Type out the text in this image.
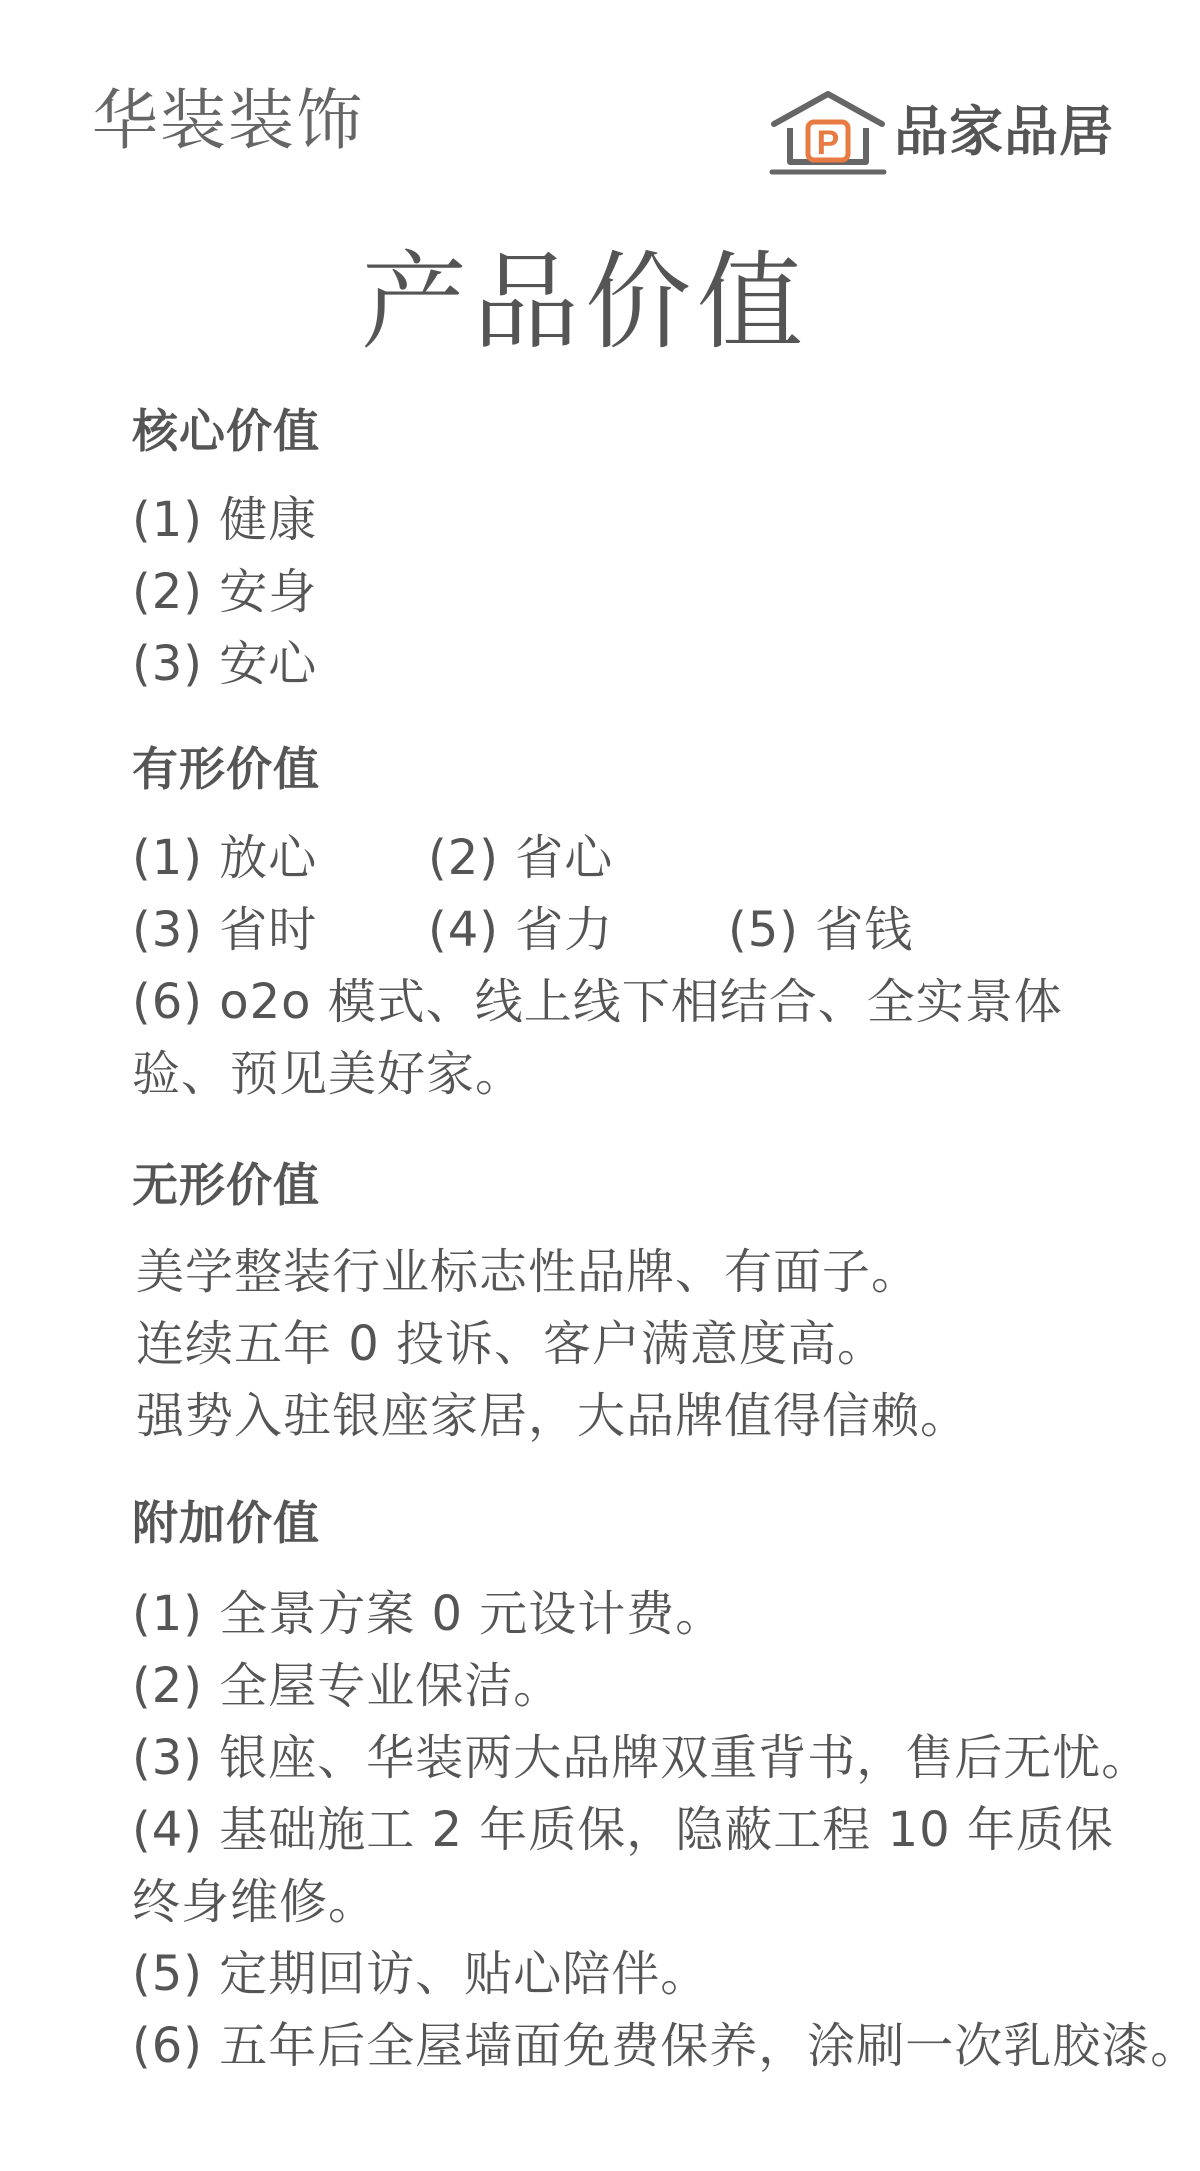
华装装饰	P 品家品居
产品价值
核心价值
(1) 健康
(2) 安身
(3) 安心
有形价值
(1) 放心 (2) 省心
(3) 省时 (4) 省力 (5) 省钱
(6) o2o 模式、线上线下相结合、全实景体
验、预见美好家。
无形价值
美学整装行业标志性品牌、有面子。
连续五年 0 投诉、客户满意度高。
强势入驻银座家居，大品牌值得信赖。
附加价值
(1) 全景方案 0 元设计费。
(2) 全屋专业保洁。
(3) 银座、华装两大品牌双重背书，售后无忧。
(4) 基础施工 2 年质保，隐蔽工程 10 年质保
终身维修。
(5) 定期回访、贴心陪伴。
(6) 五年后全屋墙面免费保养，涂刷一次乳胶漆。
